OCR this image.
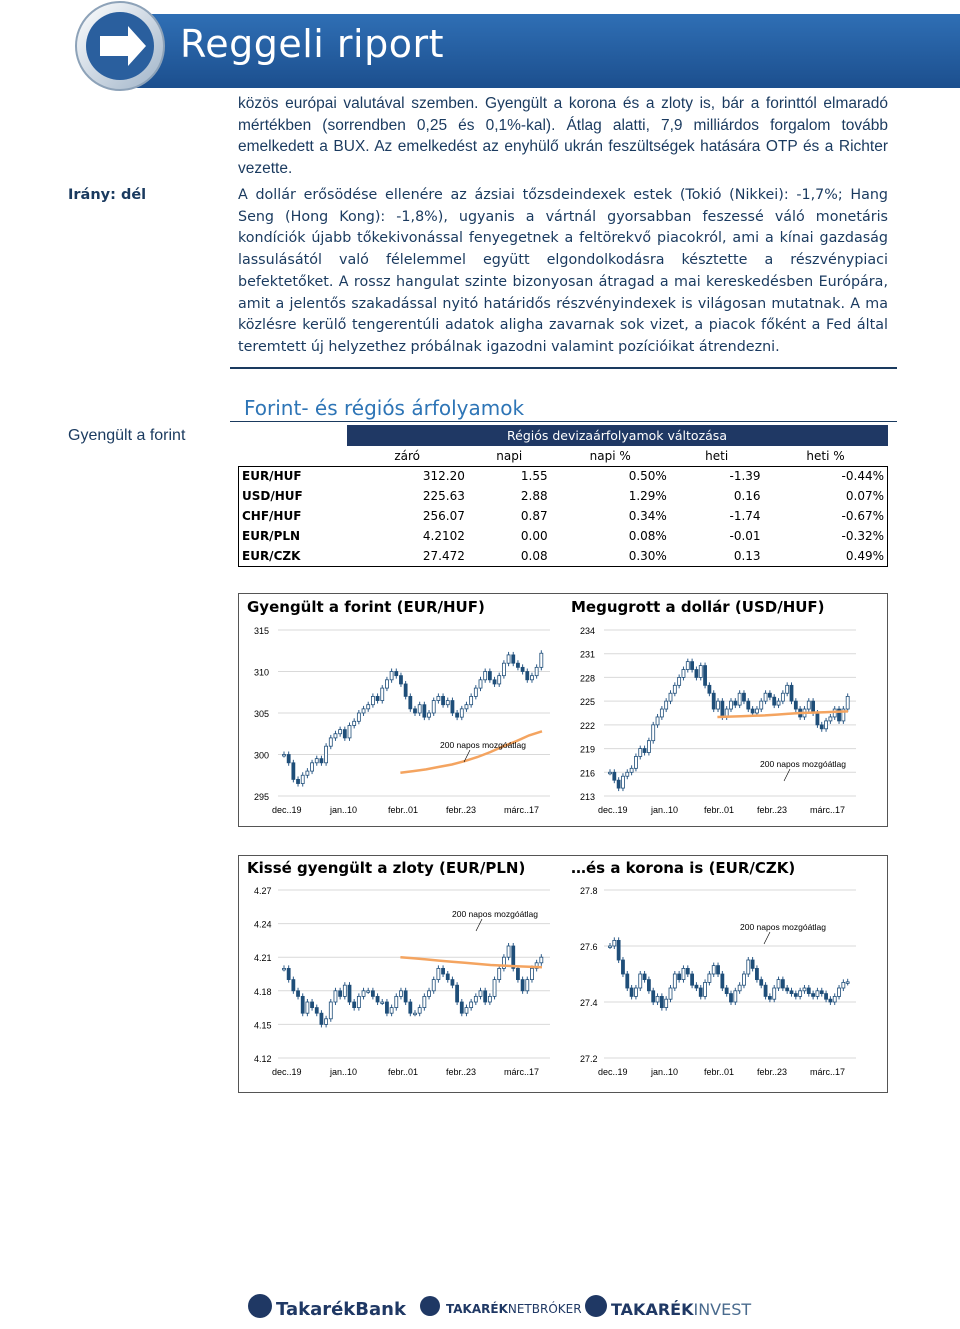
Reggeli riport
közös európai valutával szemben. Gyengült a korona és a zloty is, bár a forinttól elmaradó mértékben (sorrendben 0,25 és 0,1%-kal). Átlag alatti, 7,9 milliárdos forgalom tovább emelkedett a BUX. Az emelkedést az enyhülő ukrán feszültségek hatására OTP és a Richter vezette.
Irány: dél	A dollár erősödése ellenére az ázsiai tőzsdeindexek estek (Tokió (Nikkei): -1,7%; Hang Seng (Hong Kong): -1,8%), ugyanis a vártnál gyorsabban feszessé váló monetáris kondíciók újabb tőkekivonással fenyegetnek a feltörekvő piacokról, ami a kínai gazdaság lassulásától való félelemmel együtt elgondolkodásra késztette a részvénypiaci befektetőket. A rossz hangulat szinte bizonyosan átragad a mai kereskedésben Európára, amit a jelentős szakadással nyitó határidős részvényindexek is világosan mutatnak. A ma közlésre kerülő tengerentúli adatok aligha zavarnak sok vizet, a piacok főként a Fed által teremtett új helyzethez próbálnak igazodni valamint pozícióikat átrendezni.
Gyengült a forint
Forint- és régiós árfolyamok
	Régiós devizaárfolyamok változása				
	záró	napi	napi %	heti	heti %
EUR/HUF	312.20	1.55	0.50%	-1.39	-0.44%
USD/HUF	225.63	2.88	1.29%	0.16	0.07%
CHF/HUF	256.07	0.87	0.34%	-1.74	-0.67%
EUR/PLN	4.2102	0.00	0.08%	-0.01	-0.32%
EUR/CZK	27.472	0.08	0.30%	0.13	0.49%
Gyengült a forint (EUR/HUF)	Megugrott a dollár (USD/HUF)
Kissé gyengült a zloty (EUR/PLN)	…és a korona is (EUR/CZK)
315
310
305
300
295
dec..19	jan..10	febr..01	febr..23	márc..17
200 napos mozgóátlag
234
231
228
225
222
219
216
213
dec..19	jan..10	febr..01	febr..23	márc..17
200 napos mozgóátlag
4.27
4.24
4.21
4.18
4.15
4.12
dec..19	jan..10	febr..01	febr..23	márc..17
200 napos mozgóátlag
27.8
27.6
27.4
27.2
dec..19	jan..10	febr..01	febr..23	márc..17
200 napos mozgóátlag
TakarékBank	TAKARÉKNETBRÓKER TAKARÉKINVEST
